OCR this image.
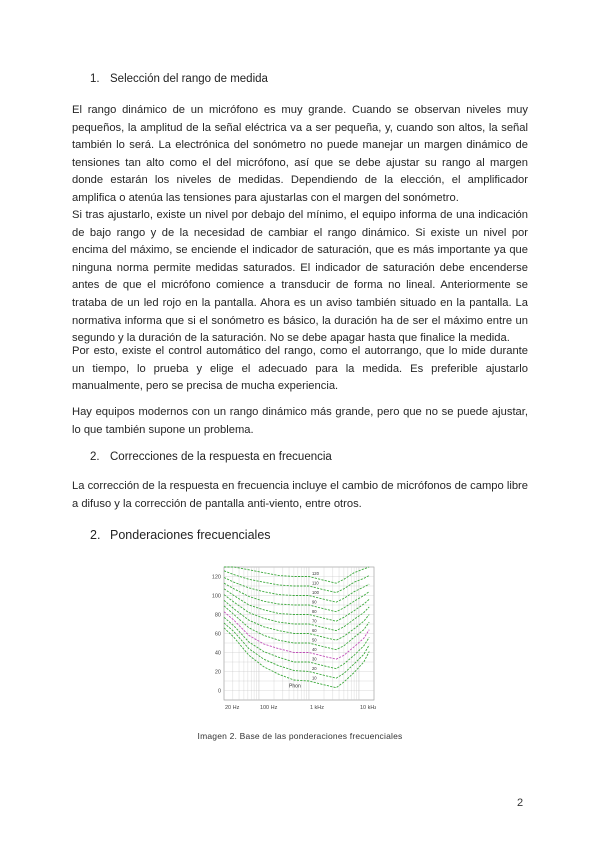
1. Selección del rango de medida

El rango dinámico de un micrófono es muy grande. Cuando se observan niveles muy pequeños, la amplitud de la señal eléctrica va a ser pequeña, y, cuando son altos, la señal también lo será. La electrónica del sonómetro no puede manejar un margen dinámico de tensiones tan alto como el del micrófono, así que se debe ajustar su rango al margen donde estarán los niveles de medidas. Dependiendo de la elección, el amplificador amplifica o atenúa las tensiones para ajustarlas con el margen del sonómetro.

Si tras ajustarlo, existe un nivel por debajo del mínimo, el equipo informa de una indicación de bajo rango y de la necesidad de cambiar el rango dinámico. Si existe un nivel por encima del máximo, se enciende el indicador de saturación, que es más importante ya que ninguna norma permite medidas saturados. El indicador de saturación debe encenderse antes de que el micrófono comience a transducir de forma no lineal. Anteriormente se trataba de un led rojo en la pantalla. Ahora es un aviso también situado en la pantalla. La normativa informa que si el sonómetro es básico, la duración ha de ser el máximo entre un segundo y la duración de la saturación. No se debe apagar hasta que finalice la medida.

Por esto, existe el control automático del rango, como el autorrango, que lo mide durante un tiempo, lo prueba y elige el adecuado para la medida. Es preferible ajustarlo manualmente, pero se precisa de mucha experiencia.

Hay equipos modernos con un rango dinámico más grande, pero que no se puede ajustar, lo que también supone un problema.

2. Correcciones de la respuesta en frecuencia

La corrección de la respuesta en frecuencia incluye el cambio de micrófonos de campo libre a difuso y la corrección de pantalla anti-viento, entre otros.

2. Ponderaciones frecuenciales
120
110
100
90
80
70
60
50
40
30
20
10
0
20
40
60
80
100
120
20 Hz	100 Hz	1 kHz	10 kHz
Phon
Imagen 2. Base de las ponderaciones frecuenciales
2
